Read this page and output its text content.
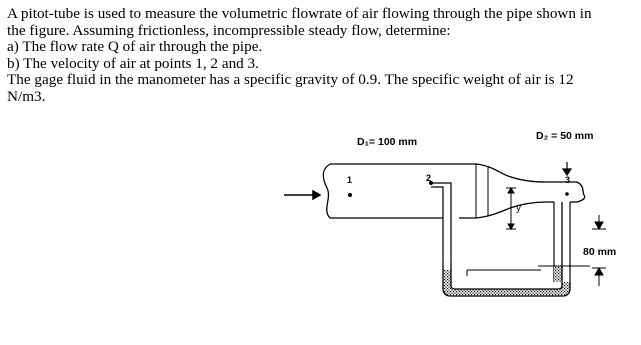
A pitot-tube is used to measure the volumetric flowrate of air flowing through the pipe shown in

the figure. Assuming frictionless, incompressible steady flow, determine:

a) The flow rate Q of air through the pipe.

b) The velocity of air at points 1, 2 and 3.

The gage fluid in the manometer has a specific gravity of 0.9. The specific weight of air is 12

N/m3.

D₁= 100 mm	D₂ = 50 mm
1	2	3
y
80 mm
